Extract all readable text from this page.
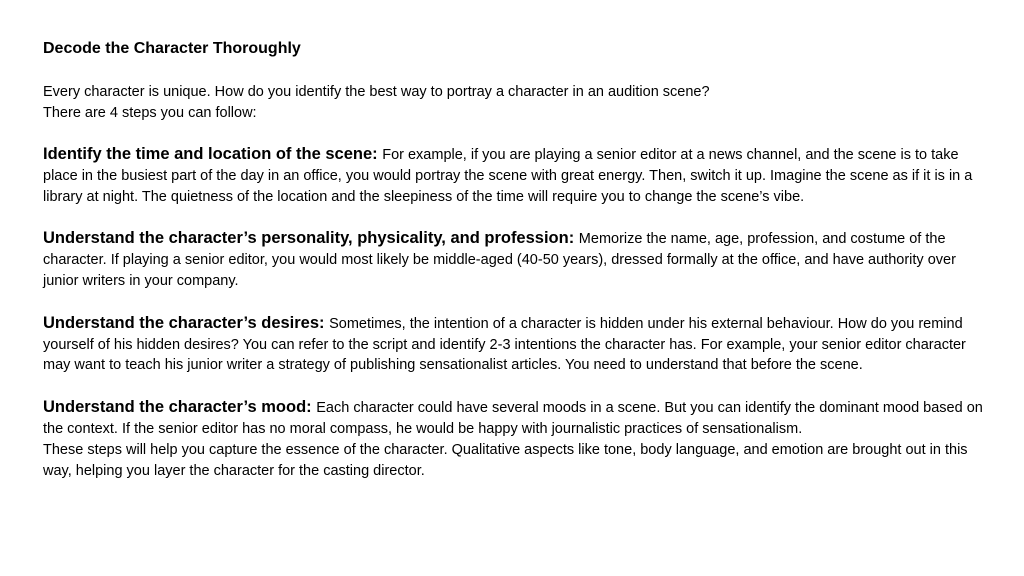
Decode the Character Thoroughly
Every character is unique. How do you identify the best way to portray a character in an audition scene?
There are 4 steps you can follow:
Identify the time and location of the scene: For example, if you are playing a senior editor at a news channel, and the scene is to take place in the busiest part of the day in an office, you would portray the scene with great energy. Then, switch it up. Imagine the scene as if it is in a library at night. The quietness of the location and the sleepiness of the time will require you to change the scene’s vibe.
Understand the character’s personality, physicality, and profession: Memorize the name, age, profession, and costume of the character. If playing a senior editor, you would most likely be middle-aged (40-50 years), dressed formally at the office, and have authority over junior writers in your company.
Understand the character’s desires: Sometimes, the intention of a character is hidden under his external behaviour. How do you remind yourself of his hidden desires? You can refer to the script and identify 2-3 intentions the character has. For example, your senior editor character may want to teach his junior writer a strategy of publishing sensationalist articles. You need to understand that before the scene.
Understand the character’s mood: Each character could have several moods in a scene. But you can identify the dominant mood based on the context. If the senior editor has no moral compass, he would be happy with journalistic practices of sensationalism.

These steps will help you capture the essence of the character. Qualitative aspects like tone, body language, and emotion are brought out in this way, helping you layer the character for the casting director.
